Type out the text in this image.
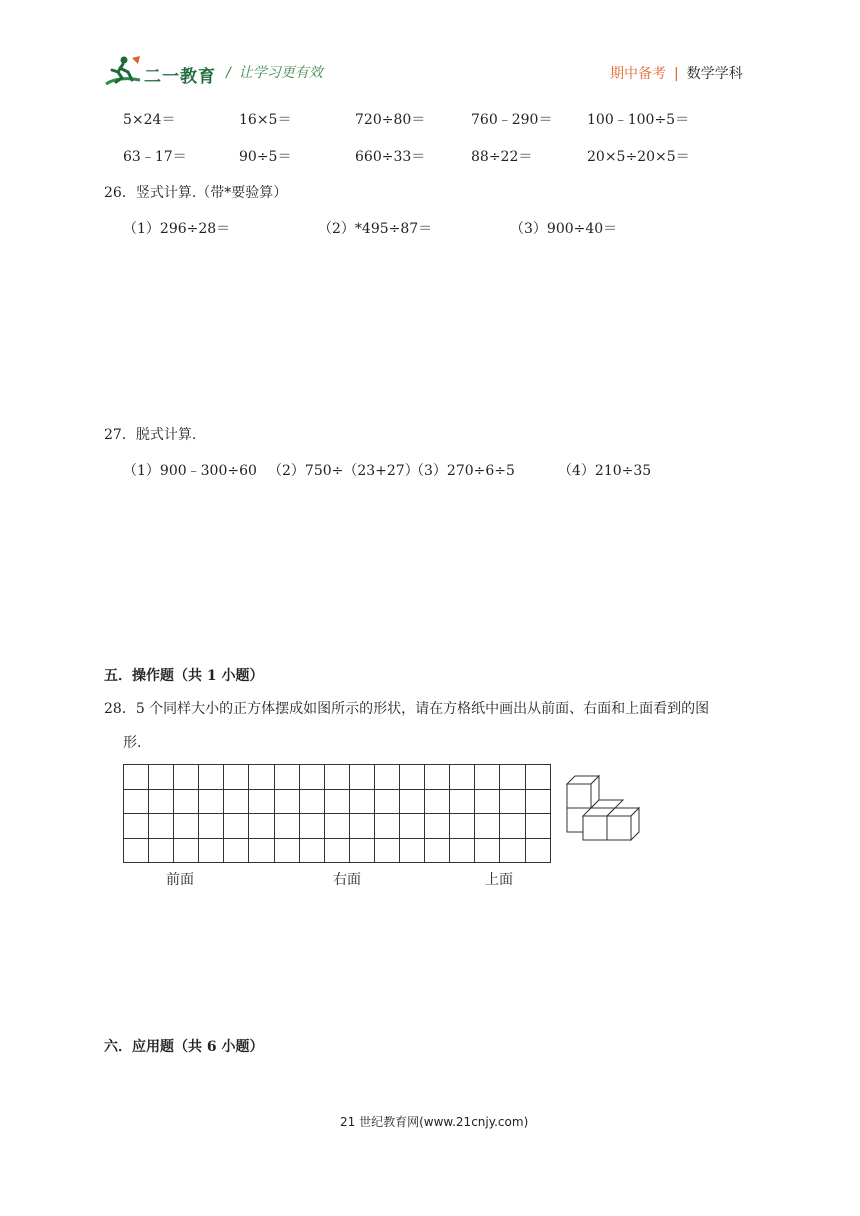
二一教育 / 让学习更有效	期中备考 | 数学学科
5×24＝	16×5＝	720÷80＝	760﹣290＝ 100﹣100÷5＝
63﹣17＝	90÷5＝	660÷33＝	88÷22＝	20×5÷20×5＝
26．竖式计算.（带*要验算）
（1）296÷28＝	（2）*495÷87＝	（3）900÷40＝
27．脱式计算.
（1）900﹣300÷60 （2）750÷（23+27）
（3）270÷6÷5	（4）210÷35
五．操作题（共 1 小题）
28．5 个同样大小的正方体摆成如图所示的形状，请在方格纸中画出从前面、右面和上面看到的图
形.
前面	右面	上面
六．应用题（共 6 小题）
21 世纪教育网(www.21cnjy.com)
